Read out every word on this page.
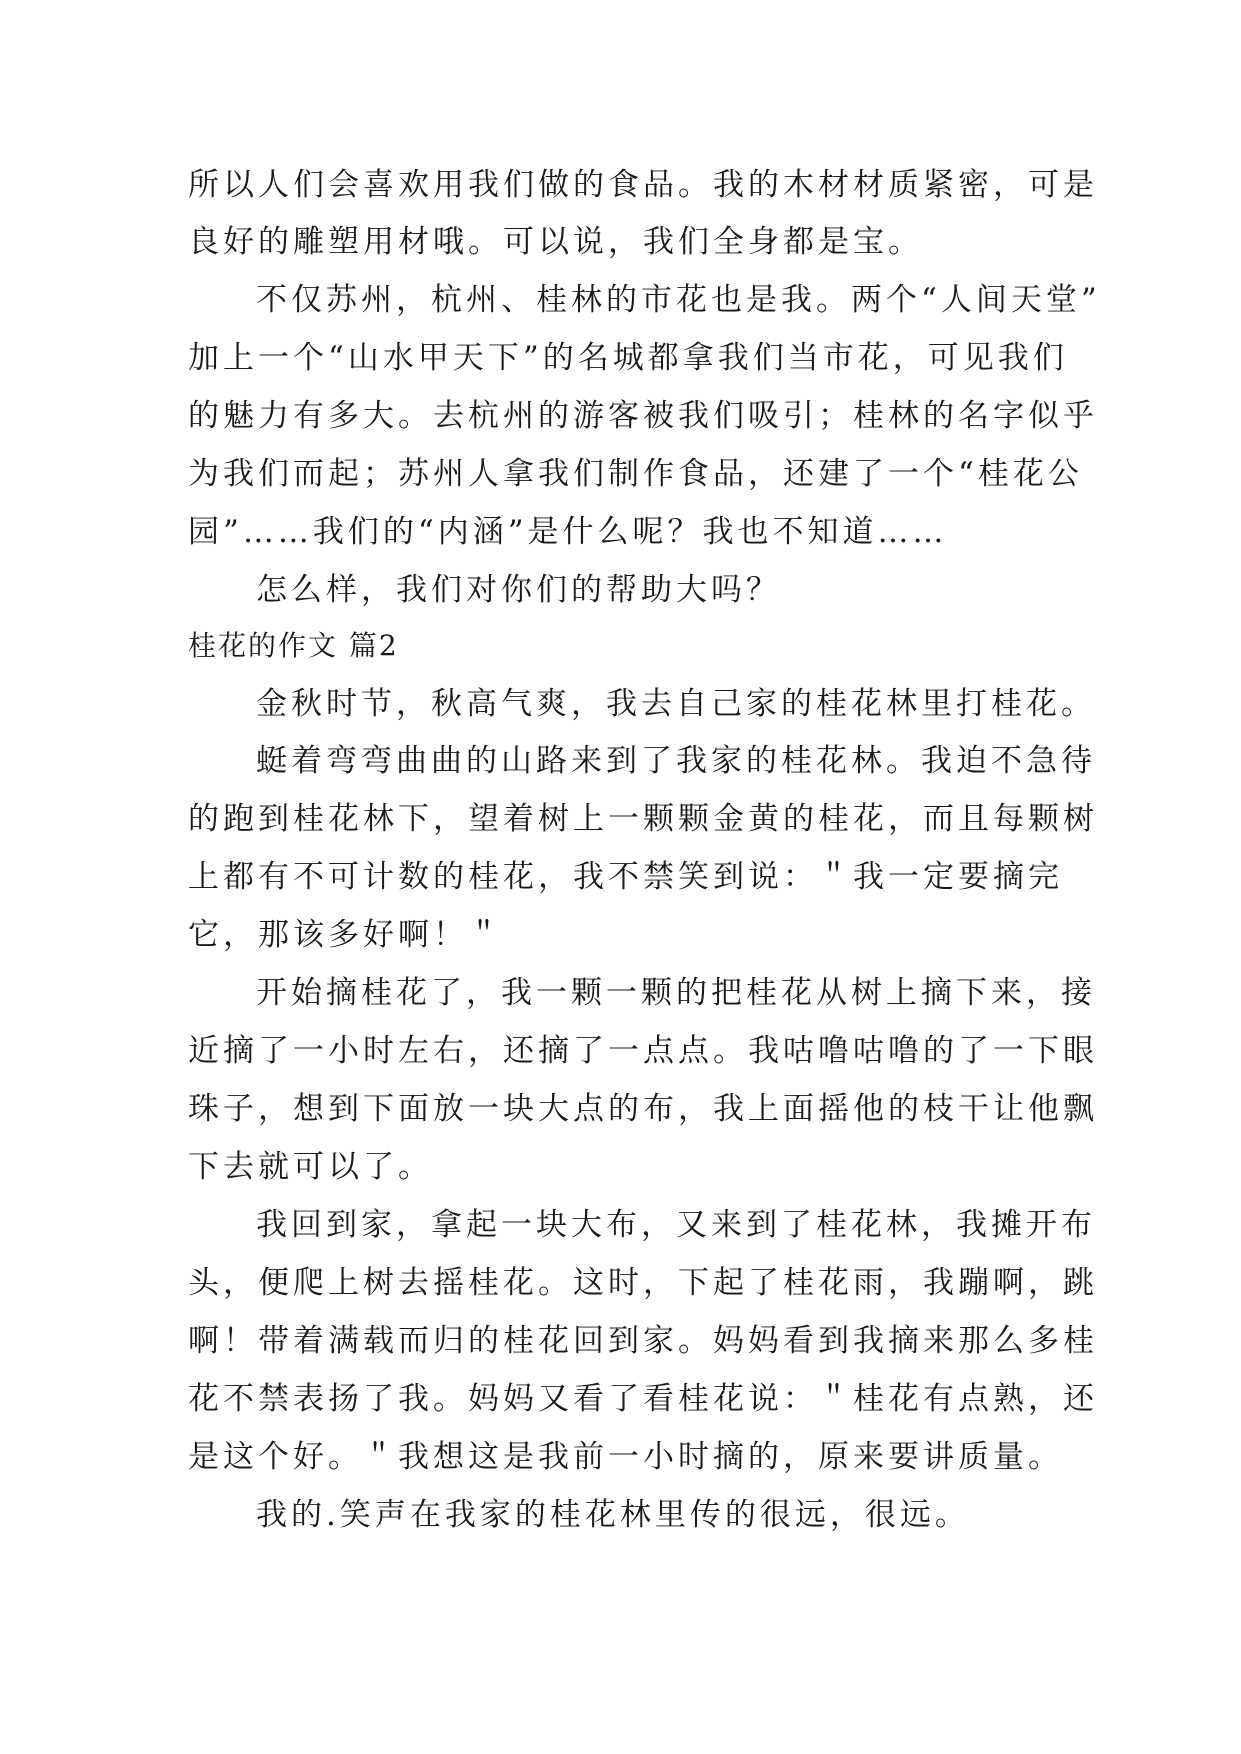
所以人们会喜欢用我们做的食品。我的木材材质紧密，可是
良好的雕塑用材哦。可以说，我们全身都是宝。
不仅苏州，杭州、桂林的市花也是我。两个“人间天堂”
加上一个“山水甲天下”的名城都拿我们当市花，可见我们
的魅力有多大。去杭州的游客被我们吸引；桂林的名字似乎
为我们而起；苏州人拿我们制作食品，还建了一个“桂花公
园”……我们的“内涵”是什么呢？我也不知道……
怎么样，我们对你们的帮助大吗？
桂花的作文 篇2
金秋时节，秋高气爽，我去自己家的桂花林里打桂花。
蜓着弯弯曲曲的山路来到了我家的桂花林。我迫不急待
的跑到桂花林下，望着树上一颗颗金黄的桂花，而且每颗树
上都有不可计数的桂花，我不禁笑到说：＂我一定要摘完
它，那该多好啊！＂
开始摘桂花了，我一颗一颗的把桂花从树上摘下来，接
近摘了一小时左右，还摘了一点点。我咕噜咕噜的了一下眼
珠子，想到下面放一块大点的布，我上面摇他的枝干让他飘
下去就可以了。
我回到家，拿起一块大布，又来到了桂花林，我摊开布
头，便爬上树去摇桂花。这时，下起了桂花雨，我蹦啊，跳
啊！带着满载而归的桂花回到家。妈妈看到我摘来那么多桂
花不禁表扬了我。妈妈又看了看桂花说：＂桂花有点熟，还
是这个好。＂我想这是我前一小时摘的，原来要讲质量。
我的.笑声在我家的桂花林里传的很远，很远。
